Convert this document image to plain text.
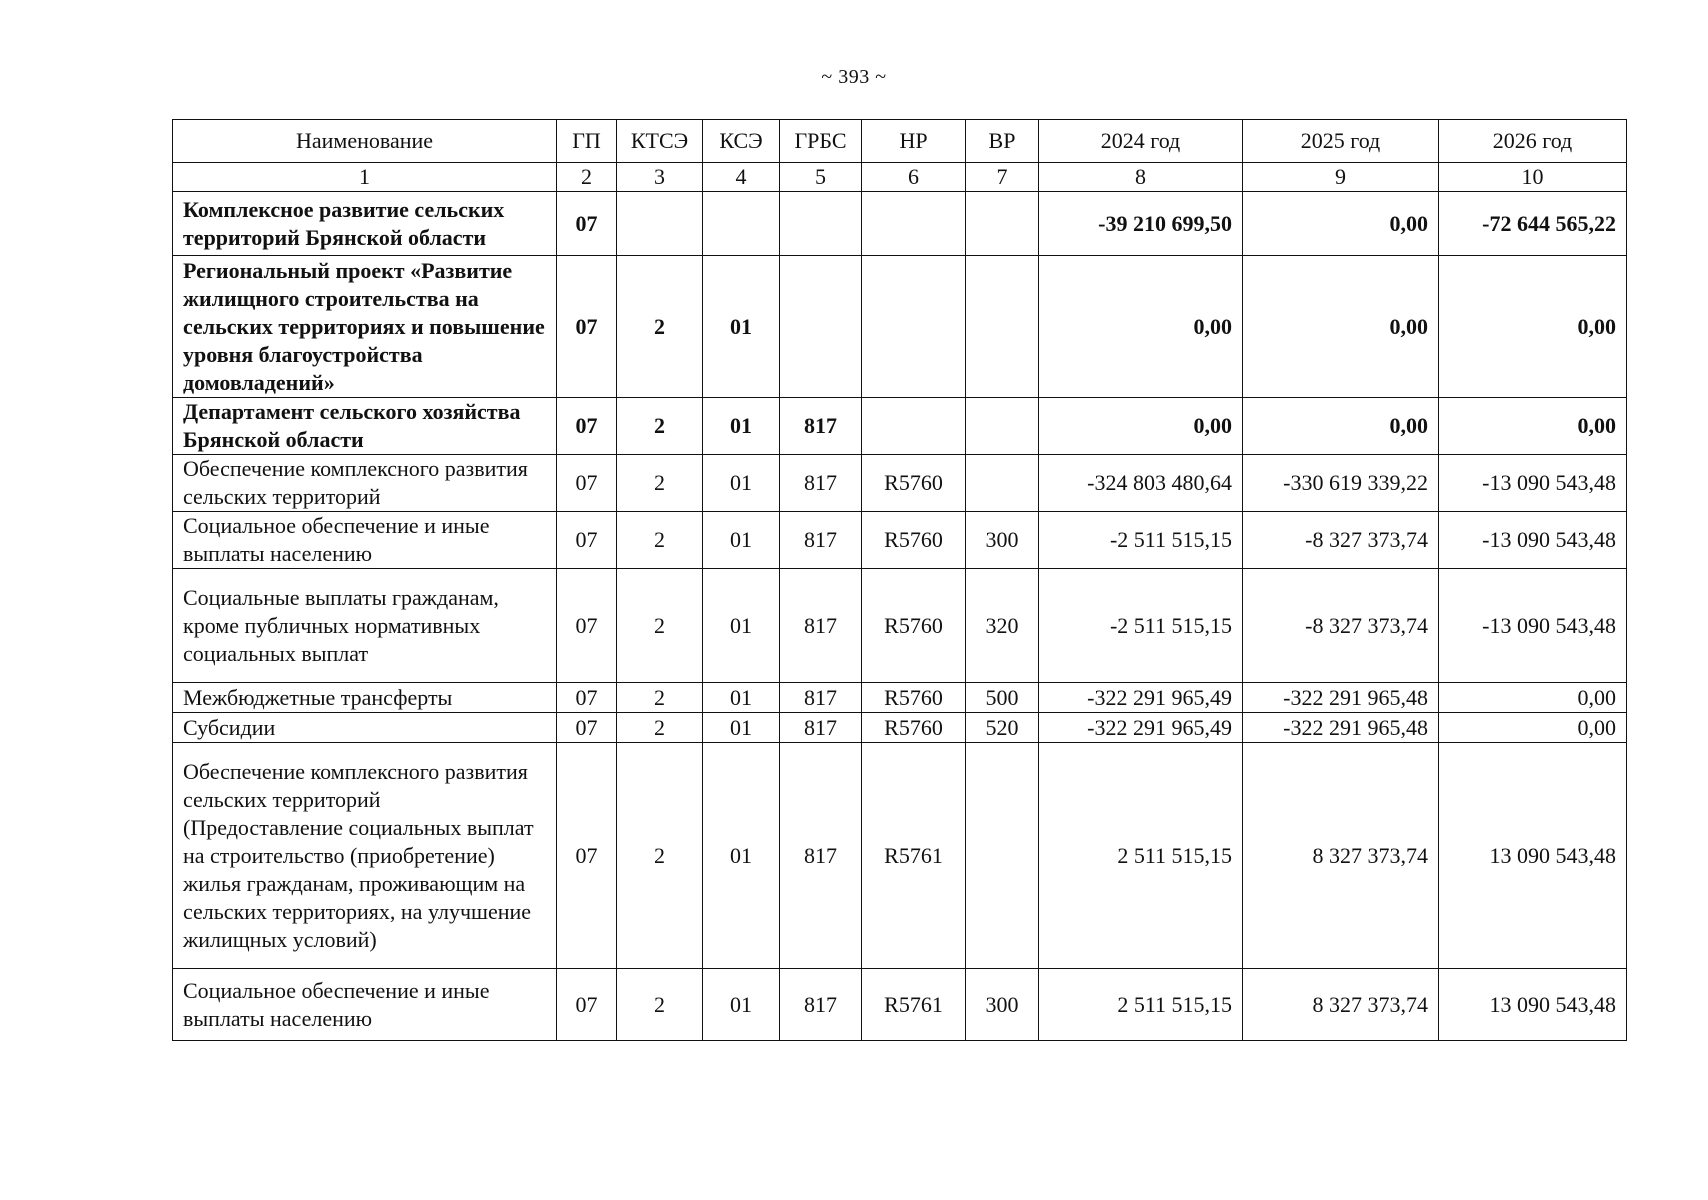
~ 393 ~
Наименование	ГП	КТСЭ	КСЭ	ГРБС	НР	ВР	2024 год	2025 год	2026 год
1	2	3	4	5	6	7	8	9	10
Комплексное развитие сельских территорий Брянской области	07						-39 210 699,50	0,00	-72 644 565,22
Региональный проект «Развитие жилищного строительства на сельских территориях и повышение уровня благоустройства домовладений»	07	2	01				0,00	0,00	0,00
Департамент сельского хозяйства Брянской области	07	2	01	817			0,00	0,00	0,00
Обеспечение комплексного развития сельских территорий	07	2	01	817	R5760		-324 803 480,64	-330 619 339,22	-13 090 543,48
Социальное обеспечение и иные выплаты населению	07	2	01	817	R5760	300	-2 511 515,15	-8 327 373,74	-13 090 543,48
Социальные выплаты гражданам, кроме публичных нормативных социальных выплат	07	2	01	817	R5760	320	-2 511 515,15	-8 327 373,74	-13 090 543,48
Межбюджетные трансферты	07	2	01	817	R5760	500	-322 291 965,49	-322 291 965,48	0,00
Субсидии	07	2	01	817	R5760	520	-322 291 965,49	-322 291 965,48	0,00
Обеспечение комплексного развития сельских территорий (Предоставление социальных выплат на строительство (приобретение) жилья гражданам, проживающим на сельских территориях, на улучшение жилищных условий)	07	2	01	817	R5761		2 511 515,15	8 327 373,74	13 090 543,48
Социальное обеспечение и иные выплаты населению	07	2	01	817	R5761	300	2 511 515,15	8 327 373,74	13 090 543,48
